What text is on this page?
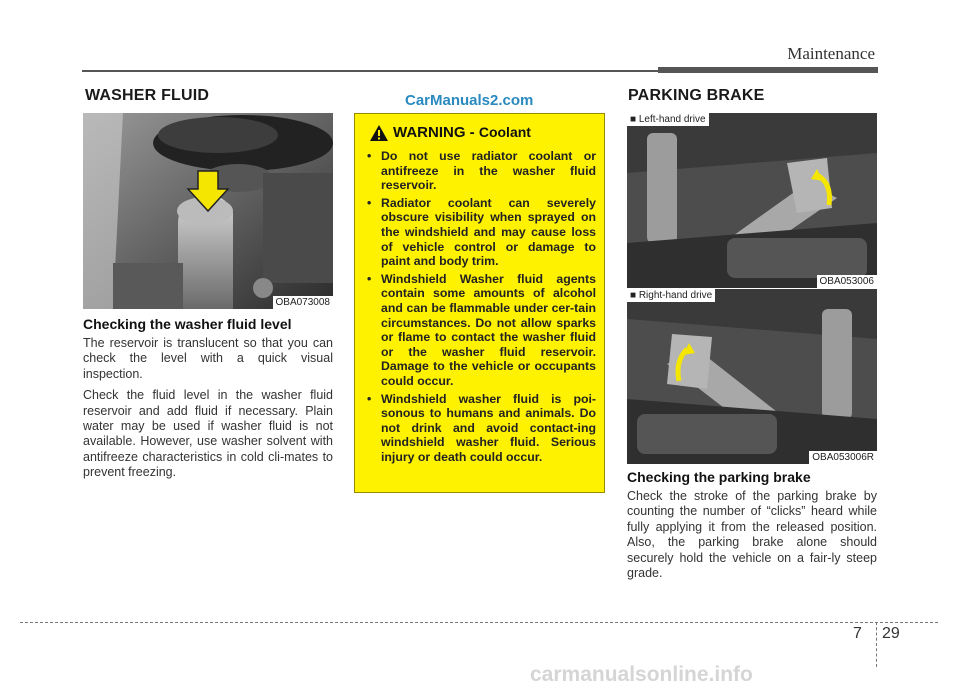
Maintenance
WASHER FLUID	CarManuals2.com
OBA073008
Checking the washer fluid level

The reservoir is translucent so that you can check the level with a quick visual inspection.

Check the fluid level in the washer fluid reservoir and add fluid if necessary. Plain water may be used if washer fluid is not available. However, use washer solvent with antifreeze characteristics in cold cli-mates to prevent freezing.

WARNING - Coolant
• Do not use radiator coolant or antifreeze in the washer fluid reservoir.
• Radiator coolant can severely obscure visibility when sprayed on the windshield and may cause loss of vehicle control or damage to paint and body trim.
• Windshield Washer fluid agents contain some amounts of alcohol and can be flammable under cer-tain circumstances. Do not allow sparks or flame to contact the washer fluid or the washer fluid reservoir. Damage to the vehicle or occupants could occur.
• Windshield washer fluid is poi-sonous to humans and animals. Do not drink and avoid contact-ing windshield washer fluid. Serious injury or death could occur.
PARKING BRAKE
■ Left-hand drive
OBA053006
■ Right-hand drive
OBA053006R
Checking the parking brake

Check the stroke of the parking brake by counting the number of “clicks” heard while fully applying it from the released position. Also, the parking brake alone should securely hold the vehicle on a fair-ly steep grade.

7 29
carmanualsonline.info
